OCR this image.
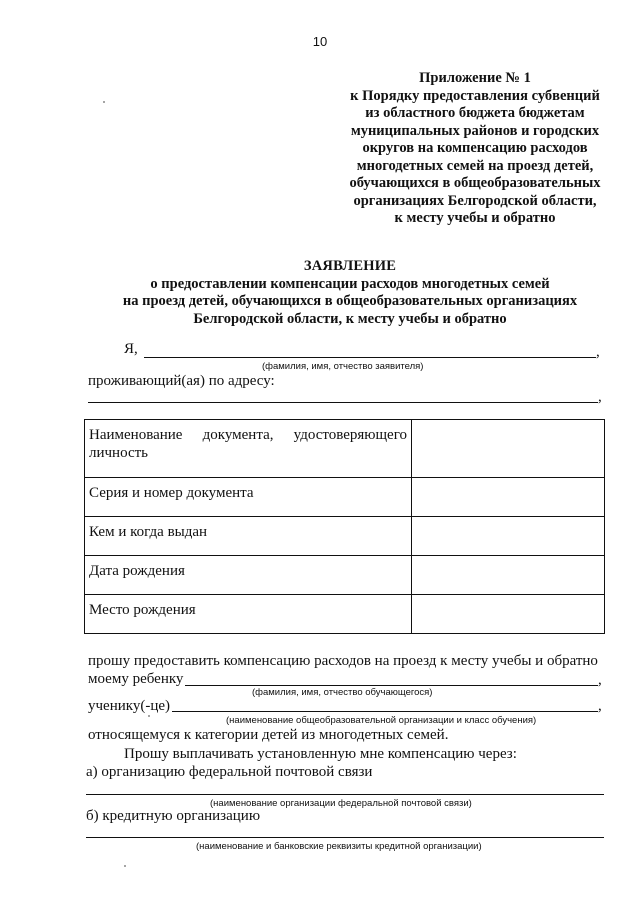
10
Приложение № 1
к Порядку предоставления субвенций
из областного бюджета бюджетам
муниципальных районов и городских
округов на компенсацию расходов
многодетных семей на проезд детей,
обучающихся в общеобразовательных
организациях Белгородской области,
к месту учебы и обратно
ЗАЯВЛЕНИЕ
о предоставлении компенсации расходов многодетных семей
на проезд детей, обучающихся в общеобразовательных организациях
Белгородской области, к месту учебы и обратно
Я,	,
(фамилия, имя, отчество заявителя)
проживающий(ая) по адресу:
,
Наименование документа, удостоверяющего
личность	

Серия и номер документа	
Кем и когда выдан	
Дата рождения	
Место рождения	
прошу предоставить компенсацию расходов на проезд к месту учебы и обратно
моему ребенку	,
(фамилия, имя, отчество обучающегося)
ученику(-це)	,
(наименование общеобразовательной организации и класс обучения)
относящемуся к категории детей из многодетных семей.
Прошу выплачивать установленную мне компенсацию через:
а) организацию федеральной почтовой связи
(наименование организации федеральной почтовой связи)
б) кредитную организацию
(наименование и банковские реквизиты кредитной организации)
